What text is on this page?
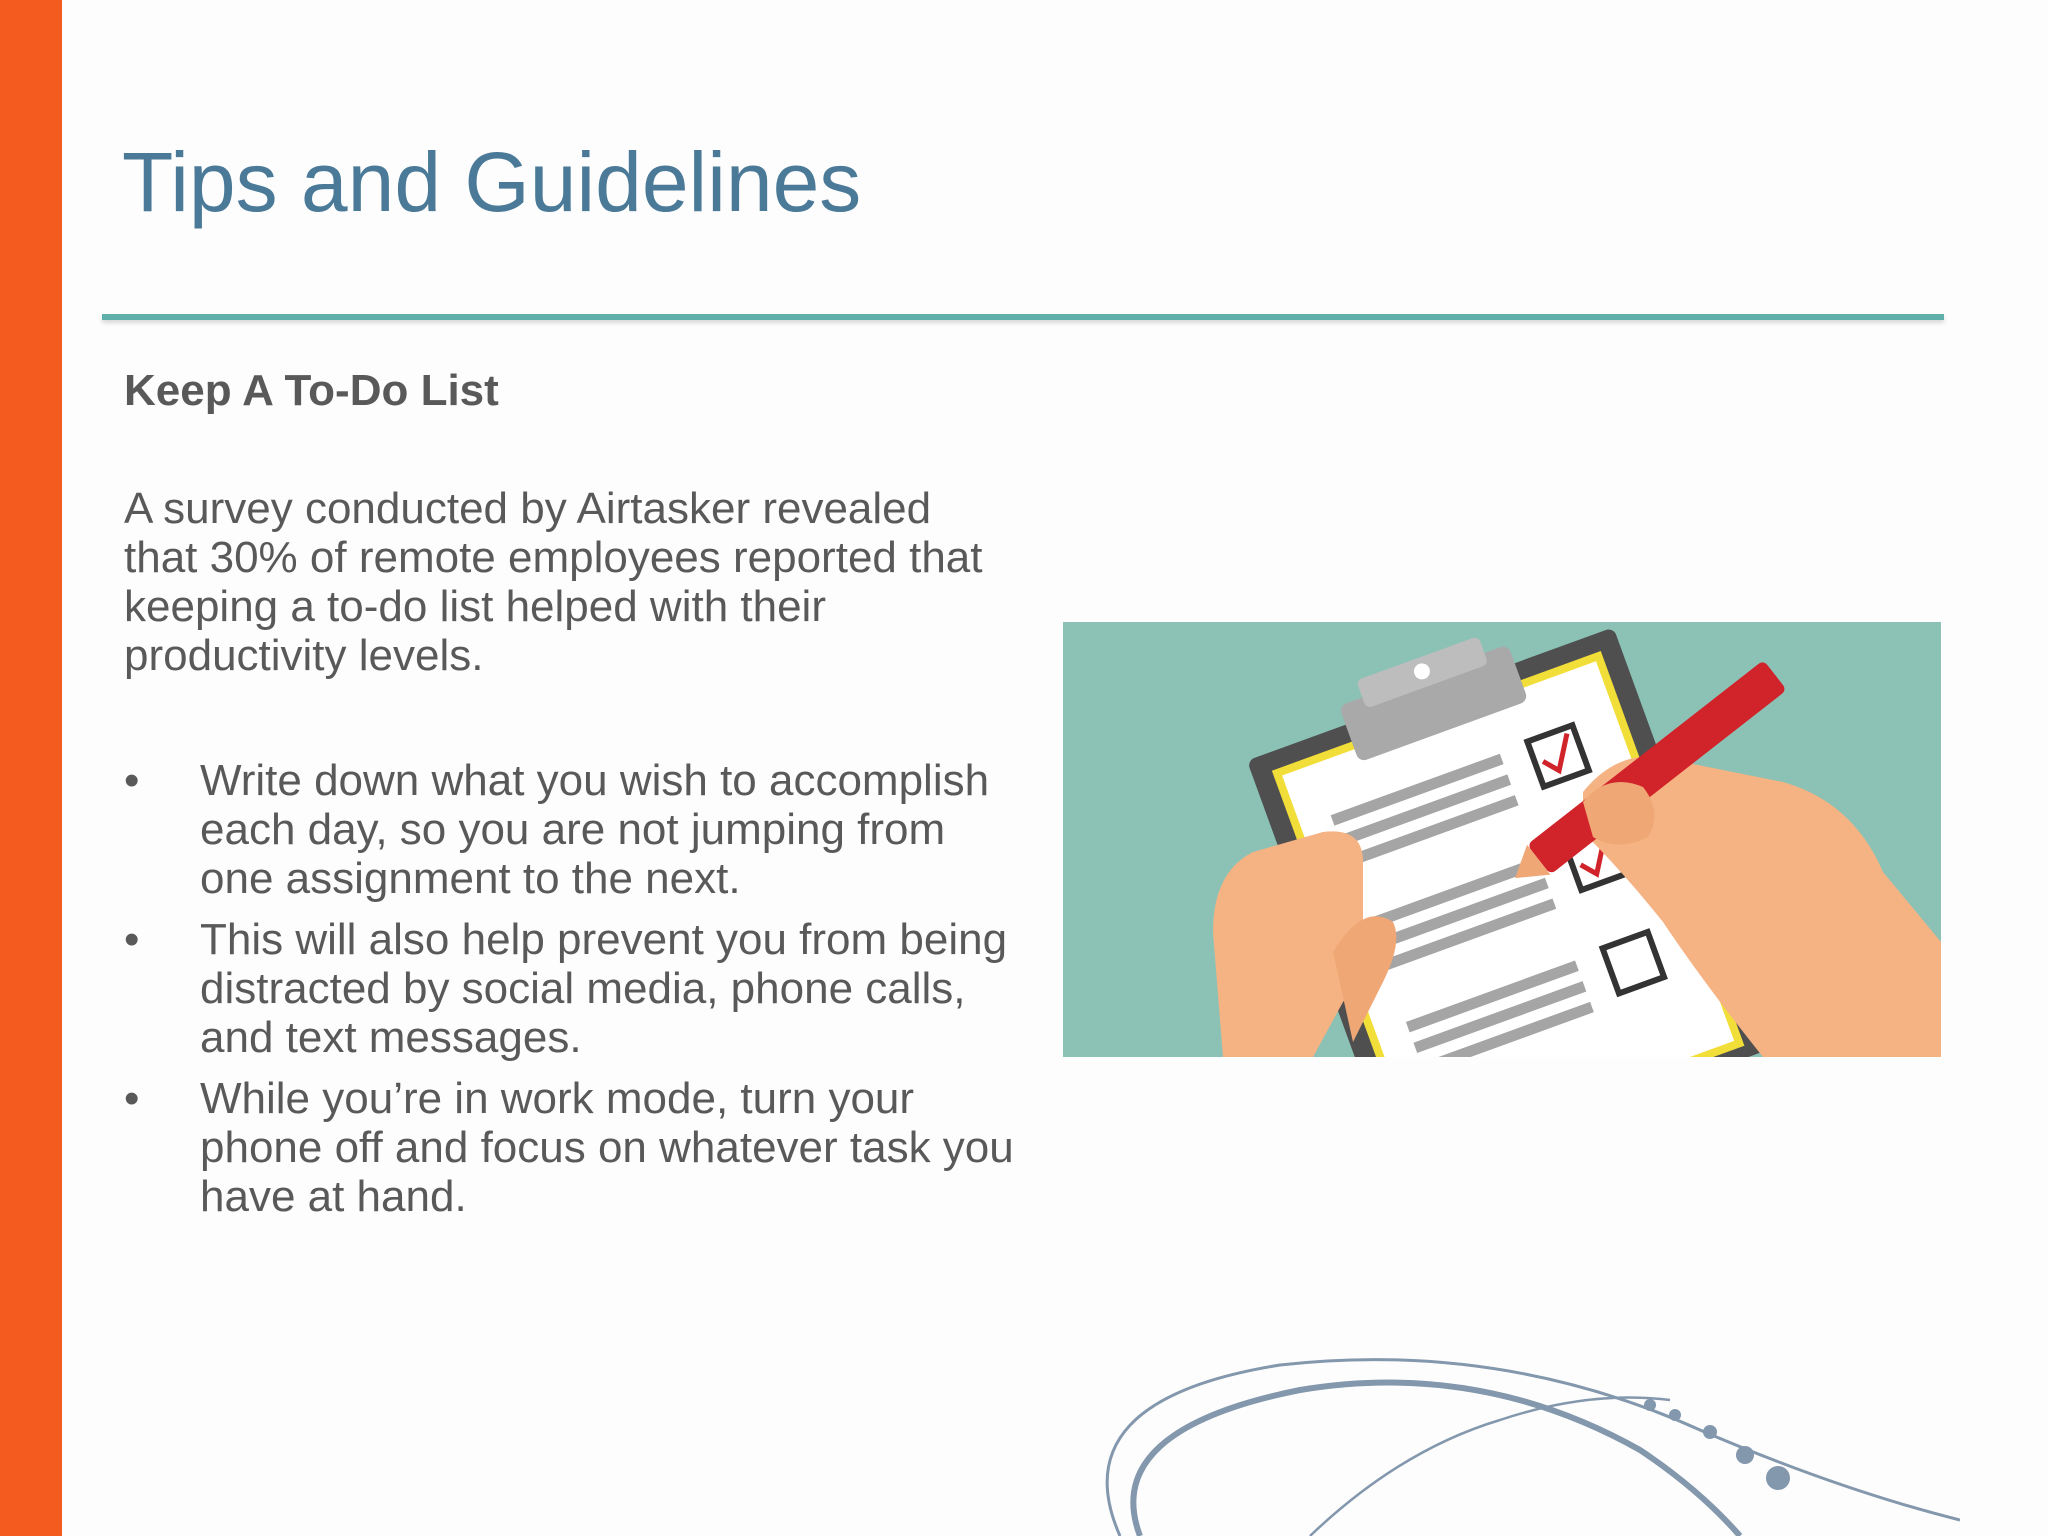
Tips and Guidelines
Keep A To-Do List

A survey conducted by Airtasker revealed that 30% of remote employees reported that keeping a to-do list helped with their productivity levels.

• Write down what you wish to accomplish each day, so you are not jumping from one assignment to the next.
• This will also help prevent you from being distracted by social media, phone calls, and text messages.
• While you’re in work mode, turn your phone off and focus on whatever task you have at hand.
